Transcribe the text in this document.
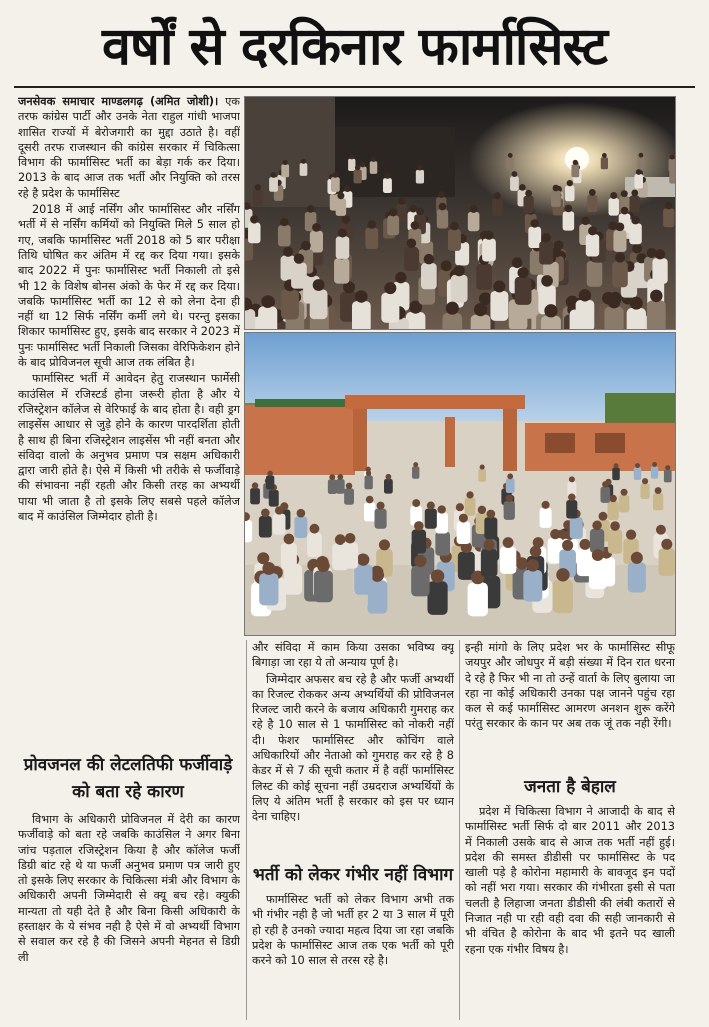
वर्षों से दरकिनार फार्मासिस्ट

जनसेवक समाचार माण्डलगढ़ (अमित जोशी)। एक तरफ कांग्रेस पार्टी और उनके नेता राहुल गांधी भाजपा शासित राज्यों में बेरोजगारी का मुद्दा उठाते है। वहीं दूसरी तरफ राजस्थान की कांग्रेस सरकार में चिकित्सा विभाग की फार्मासिस्ट भर्ती का बेड़ा गर्क कर दिया। 2013 के बाद आज तक भर्ती और नियुक्ति को तरस रहे है प्रदेश के फार्मासिस्ट

2018 में आई नर्सिंग और फार्मासिस्ट और नर्सिंग भर्ती में से नर्सिंग कर्मियों को नियुक्ति मिले 5 साल हो गए, जबकि फार्मासिस्ट भर्ती 2018 को 5 बार परीक्षा तिथि घोषित कर अंतिम में रद्द कर दिया गया। इसके बाद 2022 में पुनः फार्मासिस्ट भर्ती निकाली तो इसे भी 12 के विशेष बोनस अंको के फेर में रद्द कर दिया। जबकि फार्मासिस्ट भर्ती का 12 से को लेना देना ही नहीं था 12 सिर्फ नर्सिंग कर्मी लगे थे। परन्तु इसका शिकार फार्मासिस्ट हुए, इसके बाद सरकार ने 2023 में पुनः फार्मासिस्ट भर्ती निकाली जिसका वेरिफिकेशन होने के बाद प्रोविजनल सूची आज तक लंबित है।

फार्मासिस्ट भर्ती में आवेदन हेतु राजस्थान फार्मेसी काउंसिल में रजिस्टर्ड होना जरूरी होता है और ये रजिस्ट्रेशन कॉलेज से वेरिफाई के बाद होता है। वही ड्रग लाइसेंस आधार से जुड़े होने के कारण पारदर्शिता होती है साथ ही बिना रजिस्ट्रेशन लाइसेंस भी नहीं बनता और संविदा वालो के अनुभव प्रमाण पत्र सक्षम अधिकारी द्वारा जारी होते है। ऐसे में किसी भी तरीके से फर्जीवाड़े की संभावना नहीं रहती और किसी तरह का अभ्यर्थी पाया भी जाता है तो इसके लिए सबसे पहले कॉलेज बाद में काउंसिल जिम्मेदार होती है।

प्रोवजनल की लेटलतिफी फर्जीवाड़े को बता रहे कारण

विभाग के अधिकारी प्रोविजनल में देरी का कारण फर्जीवाड़े को बता रहे जबकि काउंसिल ने अगर बिना जांच पड़ताल रजिस्ट्रेशन किया है और कॉलेज फर्जी डिग्री बांट रहे थे या फर्जी अनुभव प्रमाण पत्र जारी हुए तो इसके लिए सरकार के चिकित्सा मंत्री और विभाग के अधिकारी अपनी जिम्मेदारी से क्यू बच रहे। क्युकी मान्यता तो यही देते है और बिना किसी अधिकारी के हस्ताक्षर के ये संभव नही है ऐसे में वो अभ्यर्थी विभाग से सवाल कर रहे है की जिसने अपनी मेहनत से डिग्री ली

और संविदा में काम किया उसका भविष्य क्यू बिगाड़ा जा रहा ये तो अन्याय पूर्ण है।

जिम्मेदार अफसर बच रहे है और फर्जी अभ्यर्थी का रिजल्ट रोककर अन्य अभ्यर्थियों की प्रोविजनल रिजल्ट जारी करने के बजाय अधिकारी गुमराह कर रहे है 10 साल से 1 फार्मासिस्ट को नोकरी नहीं दी। फेशर फार्मासिस्ट और कोचिंग वाले अधिकारियों और नेताओ को गुमराह कर रहे है 8 केडर में से 7 की सूची कतार में है वहीं फार्मासिस्ट लिस्ट की कोई सूचना नहीं उम्रदराज अभ्यर्थियों के लिए ये अंतिम भर्ती है सरकार को इस पर ध्यान देना चाहिए।

भर्ती को लेकर गंभीर नहीं विभाग

फार्मासिस्ट भर्ती को लेकर विभाग अभी तक भी गंभीर नही है जो भर्ती हर 2 या 3 साल में पूरी हो रही है उनको ज्यादा महत्व दिया जा रहा जबकि प्रदेश के फार्मासिस्ट आज तक एक भर्ती को पूरी करने को 10 साल से तरस रहे है।

इन्ही मांगो के लिए प्रदेश भर के फार्मासिस्ट सीफू जयपुर और जोधपुर में बड़ी संख्या में दिन रात धरना दे रहे है फिर भी ना तो उन्हें वार्ता के लिए बुलाया जा रहा ना कोई अधिकारी उनका पक्ष जानने पहुंच रहा कल से कई फार्मासिस्ट आमरण अनशन शुरू करेंगे परंतु सरकार के कान पर अब तक जूं तक नही रेंगी।

जनता है बेहाल

प्रदेश में चिकित्सा विभाग ने आजादी के बाद से फार्मासिस्ट भर्ती सिर्फ दो बार 2011 और 2013 में निकाली उसके बाद से आज तक भर्ती नहीं हुई। प्रदेश की समस्त डीडीसी पर फार्मासिस्ट के पद खाली पड़े है कोरोना महामारी के बावजूद इन पदों को नहीं भरा गया। सरकार की गंभीरता इसी से पता चलती है लिहाजा जनता डीडीसी की लंबी कतारों से निजात नही पा रही वही दवा की सही जानकारी से भी वंचित है कोरोना के बाद भी इतने पद खाली रहना एक गंभीर विषय है।
